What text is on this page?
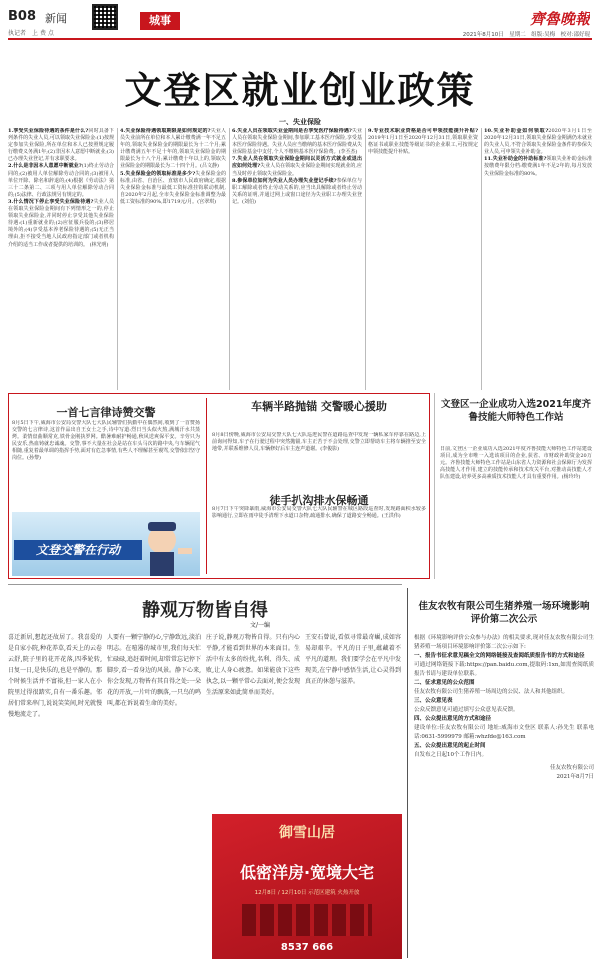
B08 新闻
执记者　 上 费 点
城事	齊魯晚報
2021年8月10日　星期二　组版:吴梅　校对:邵好琨
文登区就业创业政策
一、失业保险
1.享受失业保险待遇的条件是什么?同时具备下列条件的失业人员,可以领取失业保险金:(1)按规定参加失业保险,所在单位和本人已按照规定履行缴费义务满1年;(2)非因本人意愿中断就业;(3)已办理失业登记,并有求职要求。
2.什么是非因本人意愿中断就业?(1)终止劳动合同的;(2)被用人单位解除劳动合同的;(3)被用人单位开除、除名和辞退的;(4)根据《劳动法》第三十二条第二、三项与用人单位解除劳动合同的;(5)法律、行政法规另有规定的。
3.什么情况下停止享受失业保险待遇?失业人员在领取失业保险金期间有下列情形之一的,停止领取失业保险金,并同时停止享受其他失业保险待遇:(1)重新就业的;(2)应征服兵役的;(3)移居境外的;(4)享受基本养老保险待遇的;(5)无正当理由,拒不接受当地人民政府指定部门或者机构介绍的适当工作或者提供的培训的。 (林光明)
4.失业保险待遇领取期限是如何规定的?失业人员失业前所在单位和本人累计缴费满一年不足五年的,领取失业保险金的期限最长为十二个月;累计缴费满五年不足十年的,领取失业保险金的期限最长为十八个月;累计缴费十年以上的,领取失业保险金的期限最长为二十四个月。(吕文静)
5.失业保险金的领取标准是多少?失业保险金的标准,由省、自治区、直辖市人民政府确定,根据失业保险金标准与最低工资标准挂钩联动机制,自2020年2月起,全市失业保险金标准调整为最低工资标准的90%,即1719元/月。(宫翠琪)
6.失业人员在领取失业金期间是否享受医疗保险待遇?失业人员在领取失业保险金期间,参加职工基本医疗保险,享受基本医疗保险待遇。失业人员应当缴纳的基本医疗保险费从失业保险基金中支付,个人不缴纳基本医疗保险费。(李丕杰)
7.失业人员在领取失业保险金期间以灵活方式就业或退出应如何处理?失业人员在领取失业保险金期间实现就业的,应当及时停止领取失业保险金。
8.参保单位如何为失业人员办理失业登记手续?参保单位与职工解除或者终止劳动关系的,应当出具解除或者终止劳动关系的证明,并通过网上或窗口途径为失业职工办理失业登记。(刘伯)
9.专业技术职业资格是否可申领技能提升补贴?2019年1月1日至2020年12月31日,领取职业资格证书或职业技能等级证书的企业职工,可按规定申领技能提升补贴。
10.失业补助金如何领取?2020年3月1日至2020年12月31日,领取失业保险金期满仍未就业的失业人员,不符合领取失业保险金条件的参保失业人员,可申领失业补助金。
11.失业补助金的补助标准?领取失业补助金标准按缴费年限分档:缴费满1年不足2年的,每月发放失业保险金标准的80%。
一首七言律诗赞交警
8月5日下午,威海市公安局交警大队七大队民辅警们执勤中在偶然间,收到了一首赞扬交警的七言律诗,这首作品出自王女士之手,诗中写道:烈日当头似火熬,满城汗水共蒸烤。柔情盘曲顺常克,铁骨金刚执罗网。酷暑难耐护畅通,秋风送爽保平安。辛劳只为民安乐,热血铸就忠诚魂。交警,事不大量在社会是站在车头马次的路中央,与车辆尾气相随,重复着最单调的指挥手势,面对有危急事情,有些人不理解甚至谩骂,交警依旧坚守岗位。(孙黎)
文登交警在行动
车辆半路抛锚 交警暖心援助
8月8日傍晚,威海市公安局交警大队七大队巡逻民警在道路巡查中发现一辆私家车停靠在路边,上前询问得知,车子在行驶过程中突然抛锚,车主正苦于不会处理,交警立即帮助车主将车辆推至安全地带,并联系维修人员,车辆修好后车主连声道谢。(李俊影)
徒手扒沟排水保畅通
8月7日下午突降暴雨,威海市公安局交警大队七大队民辅警在城区路段巡查时,发现路面积水较多影响通行,立即在雨中徒手清理下水道口杂物,疏通排水,确保了道路安全畅通。(王洪伟)
文登区一企业成功入选2021年度齐鲁技能大师特色工作站
日前,文登区一企业成功入选2021年度齐鲁技能大师特色工作站建设项目,成为全市唯一入选该项目的企业,获省、市财政补助资金20万元。齐鲁技能大师特色工作站是山东省人力资源和社会保障厅为发挥高技能人才作用,建立的技能传承和技术攻关平台,对推动高技能人才队伍建设,培养更多高素质技术技能人才具有重要作用。(杨玲玲)
静观万物皆自得
文/一编
喜迁新居,想起还故居了。我喜爱的是自家小院,种花养草,看天上的云卷云舒,院子里的花开花落,四季轮转,日复一日,是快乐的,也是平静的。那个时候生活并不富裕,但一家人在小院里过得很踏实,自有一番乐趣。邻居们常来串门,说说笑笑间,时光就慢慢地流走了。
人要有一颗宁静的心,宁静致远,淡泊明志。在喧嚣的城市里,我们每天忙忙碌碌,追赶着时间,却常常忘记停下脚步,看一看身边的风景。静下心来,你会发现,万物皆有其自得之处:一朵花的开放,一片叶的飘落,一只鸟的鸣叫,都在诉说着生命的美好。
庄子说,静观万物皆自得。只有内心平静,才能看到世界的本来面目。生活中有太多的纷扰,名利、得失、成败,让人身心疲惫。如果能放下这些执念,以一颗平常心去面对,便会发现生活原来如此简单而美好。
王安石曾说,看似寻常最奇崛,成如容易却艰辛。平凡的日子里,蕴藏着不平凡的道理。我们要学会在平凡中发现美,在宁静中感悟生活,让心灵得到真正的休憩与滋养。
御雪山居
低密洋房·宽境大宅
12月8日 / 12月10日 示范区建筑 火热开放
8537 666
佳友农牧有限公司生猪养殖一场环境影响评价第二次公示
根据《环境影响评价公众参与办法》的相关要求,现对佳友农牧有限公司生猪养殖一场项目环境影响评价第二次公示如下:
一、报告书征求意见稿全文的网络链接及查阅纸质报告书的方式和途径
可通过网络链接下载:https://pan.baidu.com,提取码:1xn,如需查阅纸质报告书请与建设单位联系。
二、征求意见的公众范围
佳友农牧有限公司生猪养殖一场周边的公民、法人和其他组织。
三、公众意见表
公众反馈意见可通过填写公众意见表反馈。
四、公众提出意见的方式和途径
建设单位:佳友农牧有限公司 地址:威海市文登区 联系人:孙先生 联系电话:0631-5999979 邮箱:whzfde@163.com
五、公众提出意见的起止时间
自发布之日起10个工作日内。
佳友农牧有限公司
2021年8月7日
